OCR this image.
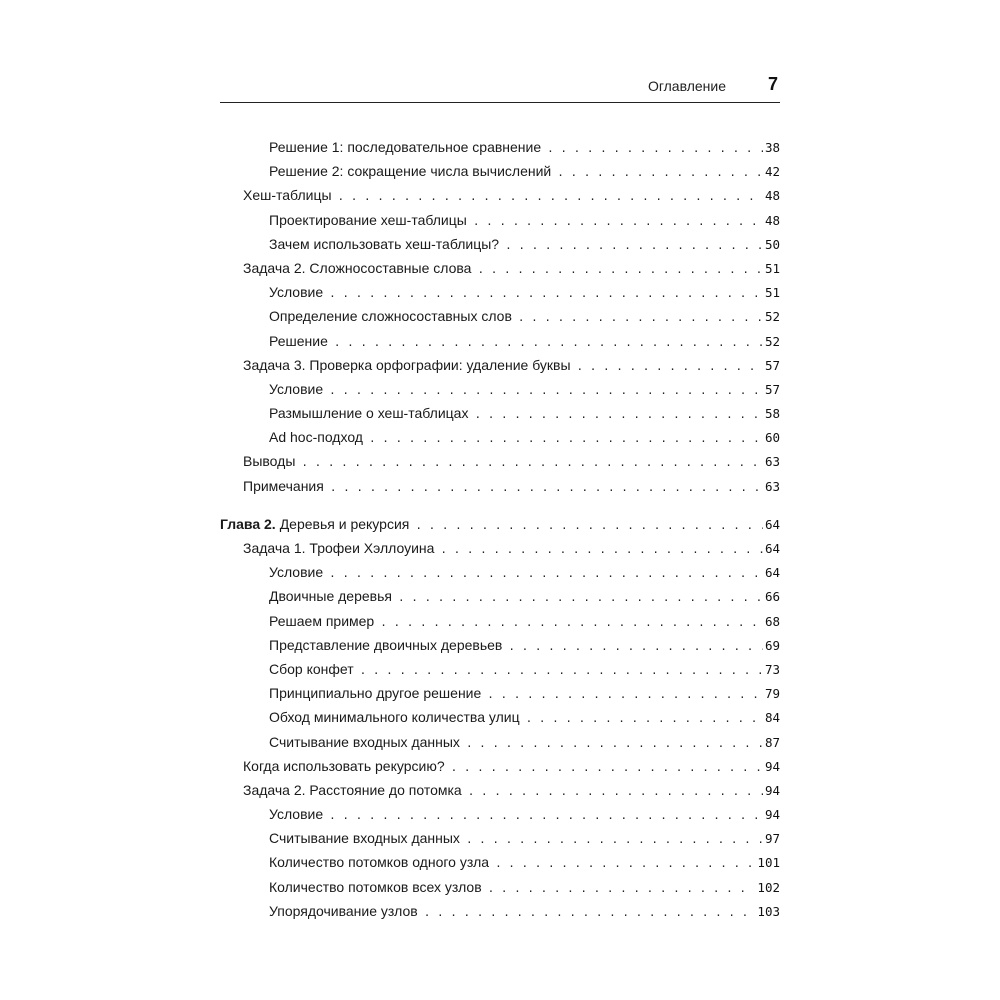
Оглавление 7
Решение 1: последовательное сравнение . . .	38
Решение 2: сокращение числа вычислений . . .	42
Хеш-таблицы . . .	48
Проектирование хеш-таблицы . . .	48
Зачем использовать хеш-таблицы? . . .	50
Задача 2. Сложносоставные слова . . .	51
Условие . . .	51
Определение сложносоставных слов . . .	52
Решение . . .	52
Задача 3. Проверка орфографии: удаление буквы . . .	57
Условие . . .	57
Размышление о хеш-таблицах . . .	58
Ad hoc-подход . . .	60
Выводы . . .	63
Примечания . . .	63
Глава 2. Деревья и рекурсия . . .	64
Задача 1. Трофеи Хэллоуина . . .	64
Условие . . .	64
Двоичные деревья . . .	66
Решаем пример . . .	68
Представление двоичных деревьев . . .	69
Сбор конфет . . .	73
Принципиально другое решение . . .	79
Обход минимального количества улиц . . .	84
Считывание входных данных . . .	87
Когда использовать рекурсию? . . .	94
Задача 2. Расстояние до потомка . . .	94
Условие . . .	94
Считывание входных данных . . .	97
Количество потомков одного узла . . .	101
Количество потомков всех узлов . . .	102
Упорядочивание узлов . . .	103
